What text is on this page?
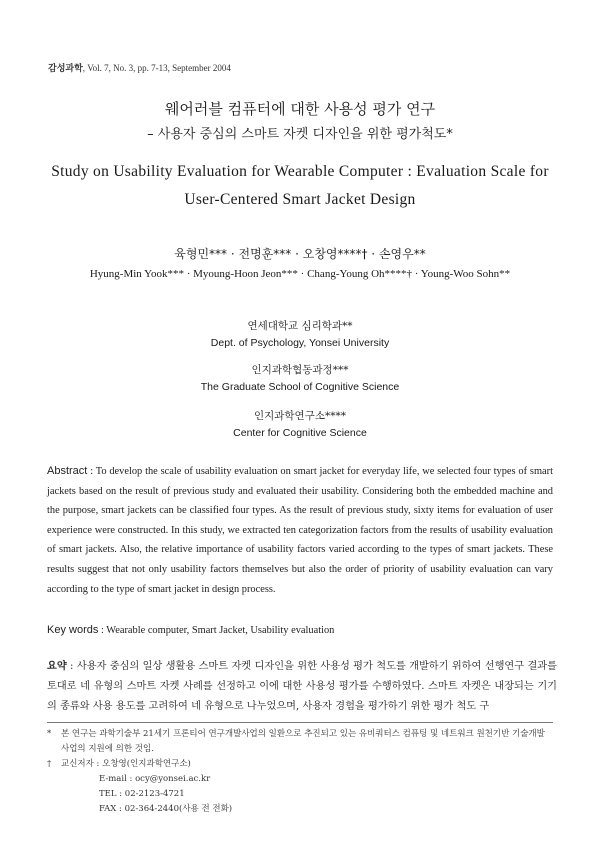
감성과학, Vol. 7, No. 3, pp. 7-13, September 2004
웨어러블 컴퓨터에 대한 사용성 평가 연구
– 사용자 중심의 스마트 자켓 디자인을 위한 평가척도*
Study on Usability Evaluation for Wearable Computer : Evaluation Scale for
User-Centered Smart Jacket Design
육형민*** · 전명훈*** · 오창영****† · 손영우**
Hyung-Min Yook*** · Myoung-Hoon Jeon*** · Chang-Young Oh****† · Young-Woo Sohn**
연세대학교 심리학과**
Dept. of Psychology, Yonsei University
인지과학협동과정***
The Graduate School of Cognitive Science
인지과학연구소****
Center for Cognitive Science
Abstract : To develop the scale of usability evaluation on smart jacket for everyday life, we selected four types of smart jackets based on the result of previous study and evaluated their usability. Considering both the embedded machine and the purpose, smart jackets can be classified four types. As the result of previous study, sixty items for evaluation of user experience were constructed. In this study, we extracted ten categorization factors from the results of usability evaluation of smart jackets. Also, the relative importance of usability factors varied according to the types of smart jackets. These results suggest that not only usability factors themselves but also the order of priority of usability evaluation can vary according to the type of smart jacket in design process.
Key words : Wearable computer, Smart Jacket, Usability evaluation
요약 : 사용자 중심의 일상 생활용 스마트 자켓 디자인을 위한 사용성 평가 척도를 개발하기 위하여 선행연구 결과를 토대로 네 유형의 스마트 자켓 사례를 선정하고 이에 대한 사용성 평가를 수행하였다. 스마트 자켓은 내장되는 기기의 종류와 사용 용도를 고려하여 네 유형으로 나누었으며, 사용자 경험을 평가하기 위한 평가 척도 구
*	본 연구는 과학기술부 21세기 프론티어 연구개발사업의 일환으로 추진되고 있는 유비쿼터스 컴퓨팅 및 네트워크 원천기반 기술개발사업의 지원에 의한 것임.
†	교신저자 : 오창영(인지과학연구소)
E-mail : ocy@yonsei.ac.kr
TEL : 02-2123-4721
FAX : 02-364-2440(사용 전 전화)
